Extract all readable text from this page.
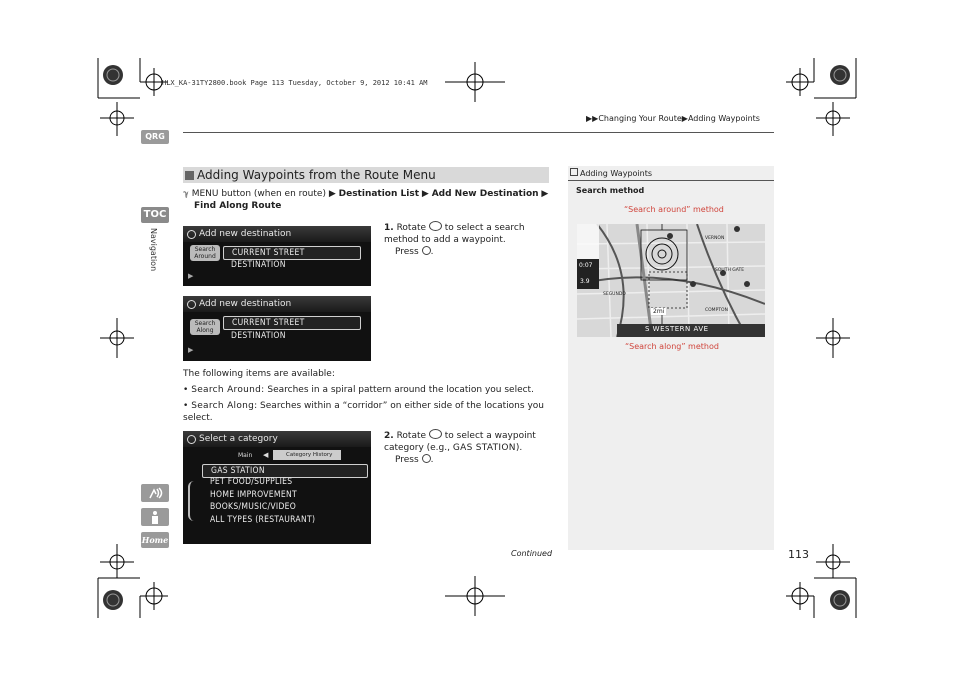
HLX_KA-31TY2800.book Page 113 Tuesday, October 9, 2012 10:41 AM
▶▶Changing Your Route▶Adding Waypoints
QRG
TOC
Navigation
Home
Adding Waypoints from the Route Menu
ℽ MENU button (when en route) ▶ Destination List ▶ Add New Destination ▶
Find Along Route
Add new destination
Search
Around	CURRENT STREET
DESTINATION
▶
Add new destination
Search
Along
CURRENT STREET
DESTINATION
▶
1. Rotate to select a search method to add a waypoint.
Press .
The following items are available:
• Search Around: Searches in a spiral pattern around the location you select.
• Search Along: Searches within a “corridor” on either side of the locations you select.
Select a category
Main ◀	Category History
GAS STATION
PET FOOD/SUPPLIES
HOME IMPROVEMENT
BOOKS/MUSIC/VIDEO
ALL TYPES (RESTAURANT)
2. Rotate to select a waypoint category (e.g., GAS STATION).
Press .
Adding Waypoints
Search method
“Search around” method
“Search along” method
0:07
3.9
2mi
S WESTERN AVE
VERNON
SOUTH GATE
COMPTON
SEGUNDO
Continued	113
